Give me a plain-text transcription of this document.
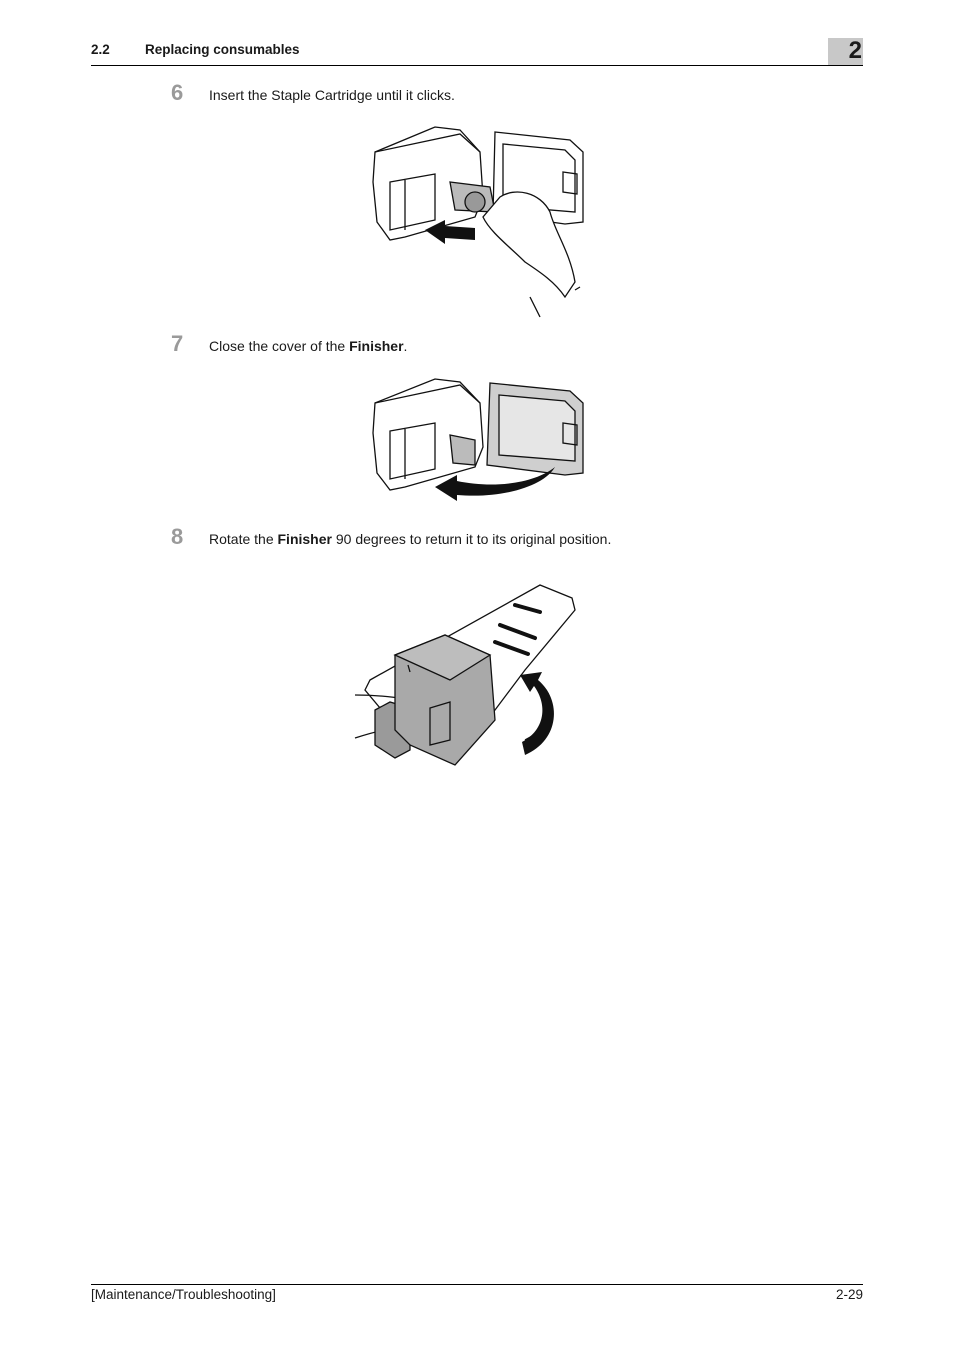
2.2	Replacing consumables	2
6 Insert the Staple Cartridge until it clicks.
7 Close the cover of the Finisher.
8 Rotate the Finisher 90 degrees to return it to its original position.
[Maintenance/Troubleshooting]	2-29
